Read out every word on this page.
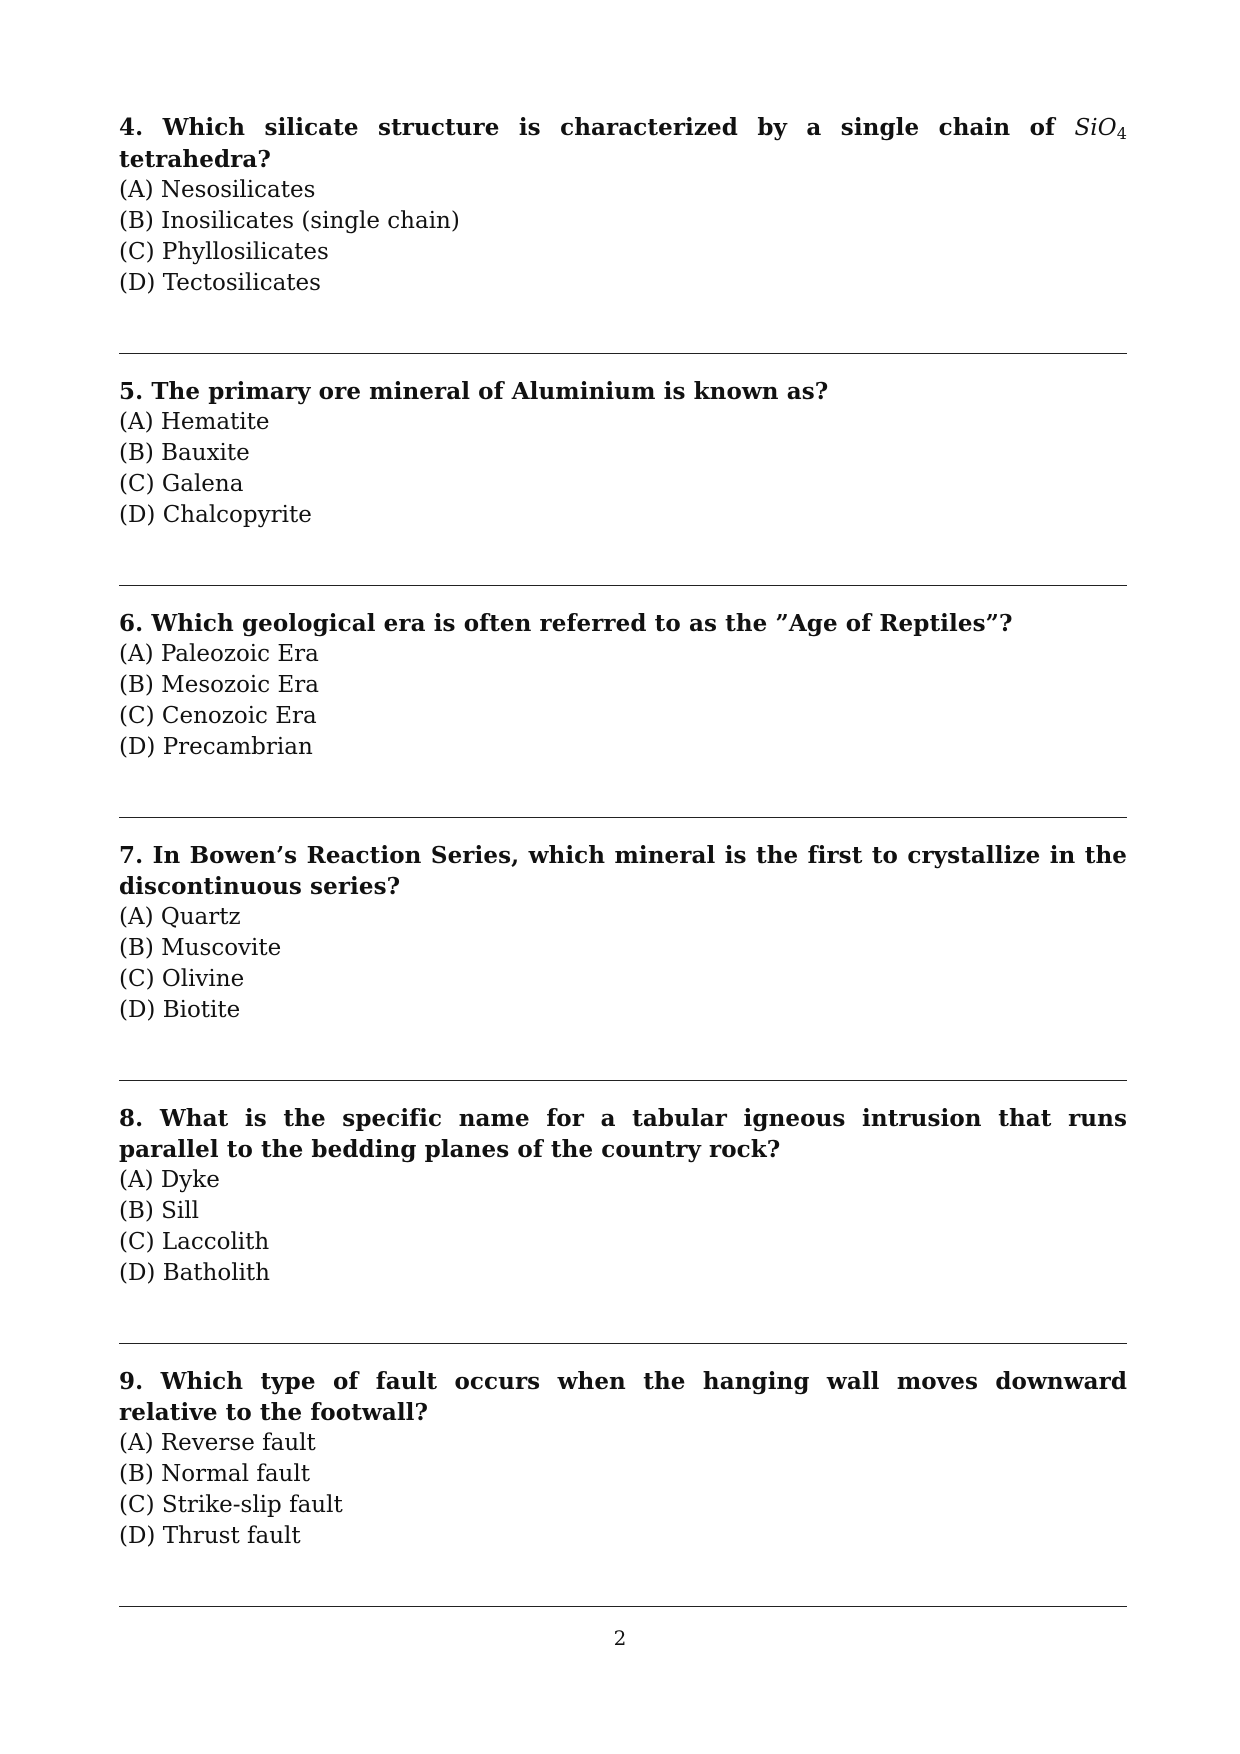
4. Which silicate structure is characterized by a single chain of SiO$_4$ tetrahedra?
(A) Nesosilicates
(B) Inosilicates (single chain)
(C) Phyllosilicates
(D) Tectosilicates
5. The primary ore mineral of Aluminium is known as?
(A) Hematite
(B) Bauxite
(C) Galena
(D) Chalcopyrite
6. Which geological era is often referred to as the ”Age of Reptiles”?
(A) Paleozoic Era
(B) Mesozoic Era
(C) Cenozoic Era
(D) Precambrian
7. In Bowen’s Reaction Series, which mineral is the first to crystallize in the discontinuous series?
(A) Quartz
(B) Muscovite
(C) Olivine
(D) Biotite
8. What is the specific name for a tabular igneous intrusion that runs parallel to the bedding planes of the country rock?
(A) Dyke
(B) Sill
(C) Laccolith
(D) Batholith
9. Which type of fault occurs when the hanging wall moves downward relative to the footwall?
(A) Reverse fault
(B) Normal fault
(C) Strike-slip fault
(D) Thrust fault
2
